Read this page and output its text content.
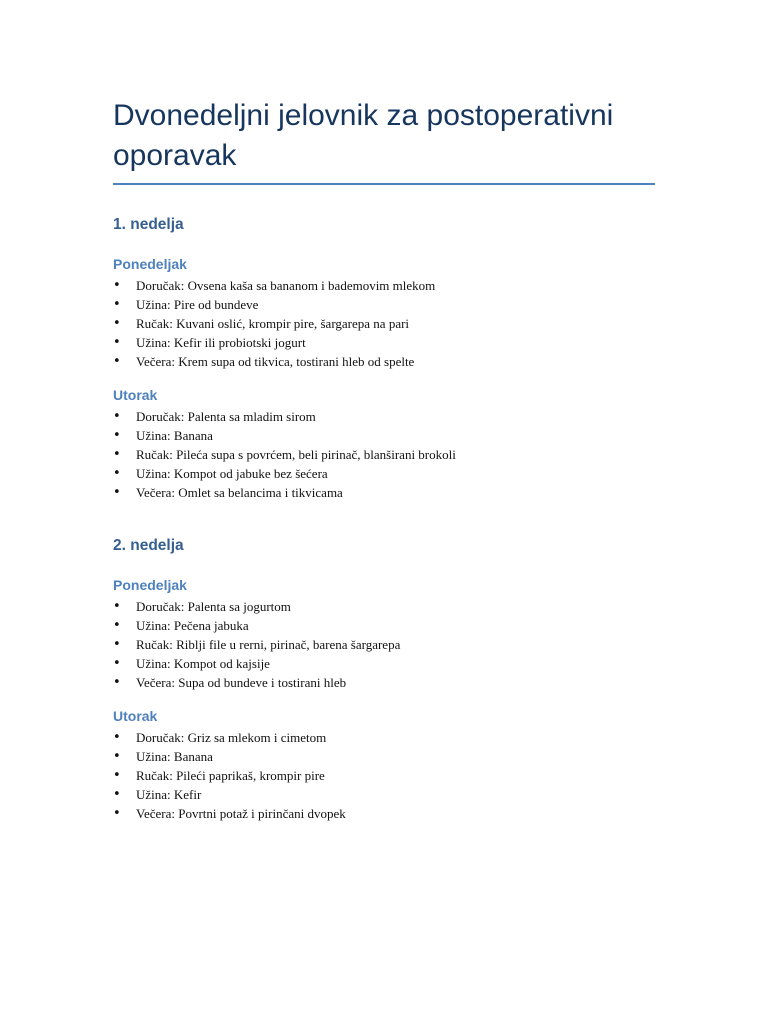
Dvonedeljni jelovnik za postoperativni oporavak
1. nedelja
Ponedeljak
• Doručak: Ovsena kaša sa bananom i bademovim mlekom
• Užina: Pire od bundeve
• Ručak: Kuvani oslić, krompir pire, šargarepa na pari
• Užina: Kefir ili probiotski jogurt
• Večera: Krem supa od tikvica, tostirani hleb od spelte
Utorak
• Doručak: Palenta sa mladim sirom
• Užina: Banana
• Ručak: Pileća supa s povrćem, beli pirinač, blanširani brokoli
• Užina: Kompot od jabuke bez šećera
• Večera: Omlet sa belancima i tikvicama
2. nedelja
Ponedeljak
• Doručak: Palenta sa jogurtom
• Užina: Pečena jabuka
• Ručak: Riblji file u rerni, pirinač, barena šargarepa
• Užina: Kompot od kajsije
• Večera: Supa od bundeve i tostirani hleb
Utorak
• Doručak: Griz sa mlekom i cimetom
• Užina: Banana
• Ručak: Pileći paprikaš, krompir pire
• Užina: Kefir
• Večera: Povrtni potaž i pirinčani dvopek
